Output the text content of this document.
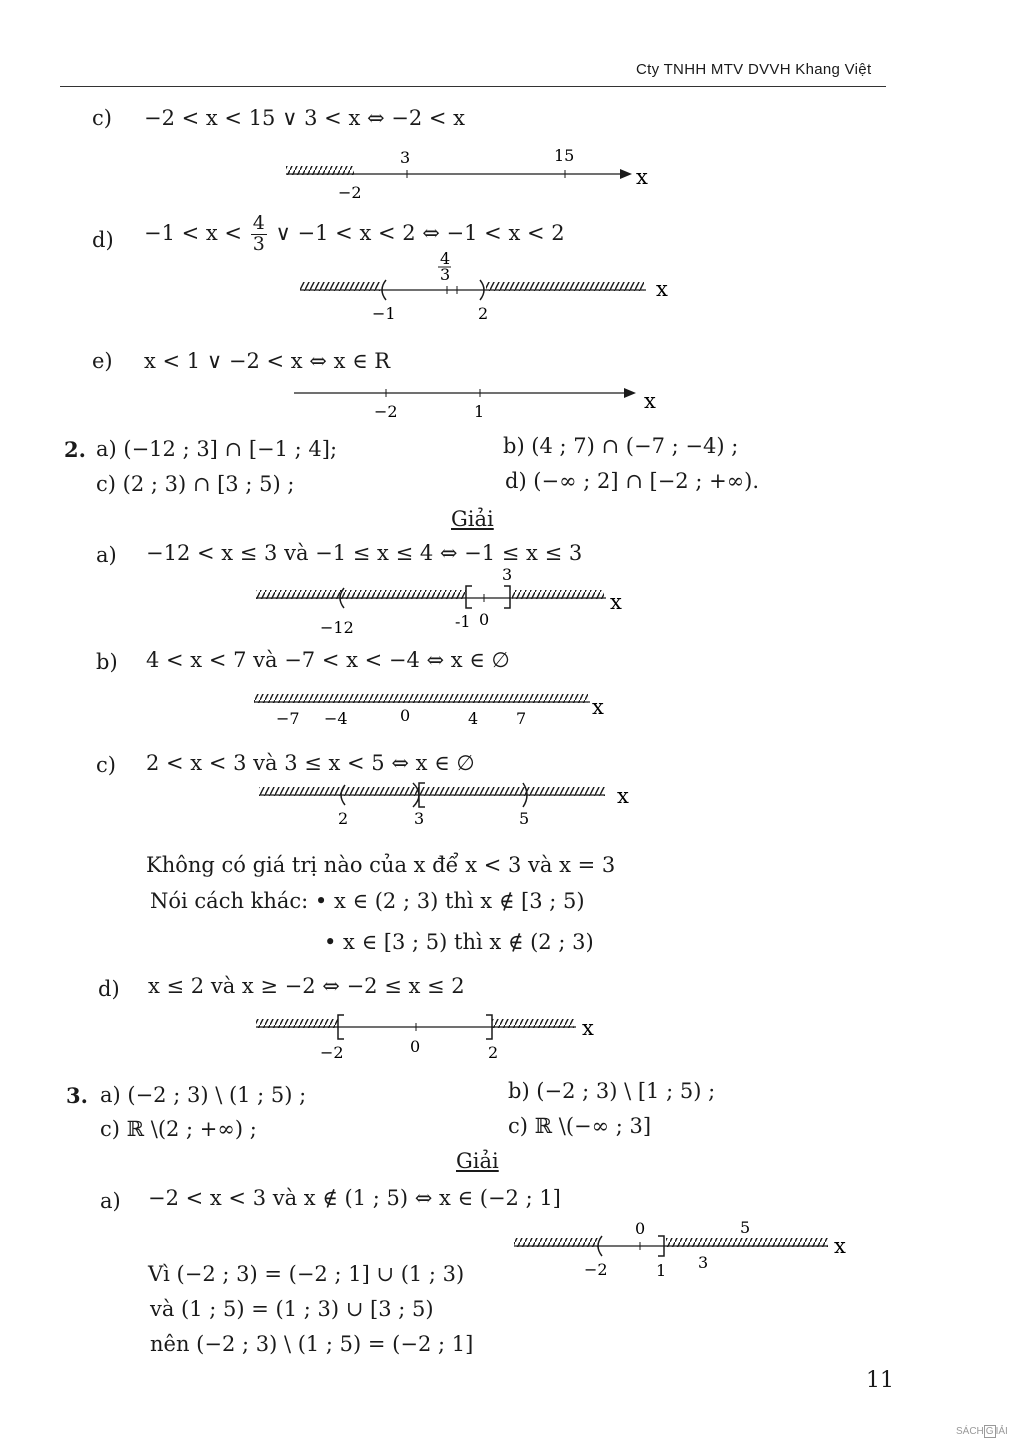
Cty TNHH MTV DVVH Khang Việt
c) −2 < x < 15 ∨ 3 < x ⇔ −2 < x
3	15
−2
x
$d) -1 < x < \frac{4}{3}$ ∨ −1 < x < 2 ⇔ −1 < x < 2
4
3
−1	2
x
e) x < 1 ∨ −2 < x ⇔ x ∈ R
−2	1	x
2. a) (−12 ; 3] ∩ [−1 ; 4];	b) (4 ; 7) ∩ (−7 ; −4) ;
c) (2 ; 3) ∩ [3 ; 5) ;	d) (−∞ ; 2] ∩ [−2 ; +∞).
Giải
a) −12 < x ≤ 3 và −1 ≤ x ≤ 4 ⇔ −1 ≤ x ≤ 3
3
−12	-1 0
x
b) 4 < x < 7 và −7 < x < −4 ⇔ x ∈ ∅
−7 −4	0	4 7	x
c) 2 < x < 3 và 3 ≤ x < 5 ⇔ x ∈ ∅
2	3	5
x
Không có giá trị nào của x để x < 3 và x = 3
Nói cách khác: • x ∈ (2 ; 3) thì x ∉ [3 ; 5)
• x ∈ [3 ; 5) thì x ∉ (2 ; 3)
d) x ≤ 2 và x ≥ −2 ⇔ −2 ≤ x ≤ 2
−2	0	2
x
3. a) (−2 ; 3) \ (1 ; 5) ;	b) (−2 ; 3) \ [1 ; 5) ;
c) ℝ \(2 ; +∞) ;	c) ℝ \(−∞ ; 3]
Giải
a) −2 < x < 3 và x ∉ (1 ; 5) ⇔ x ∈ (−2 ; 1]
0	5
−2	1 3
x
Vì (−2 ; 3) = (−2 ; 1] ∪ (1 ; 3)
và (1 ; 5) = (1 ; 3) ∪ [3 ; 5)
nên (−2 ; 3) \ (1 ; 5) = (−2 ; 1]
11
SÁCH G IẢI
